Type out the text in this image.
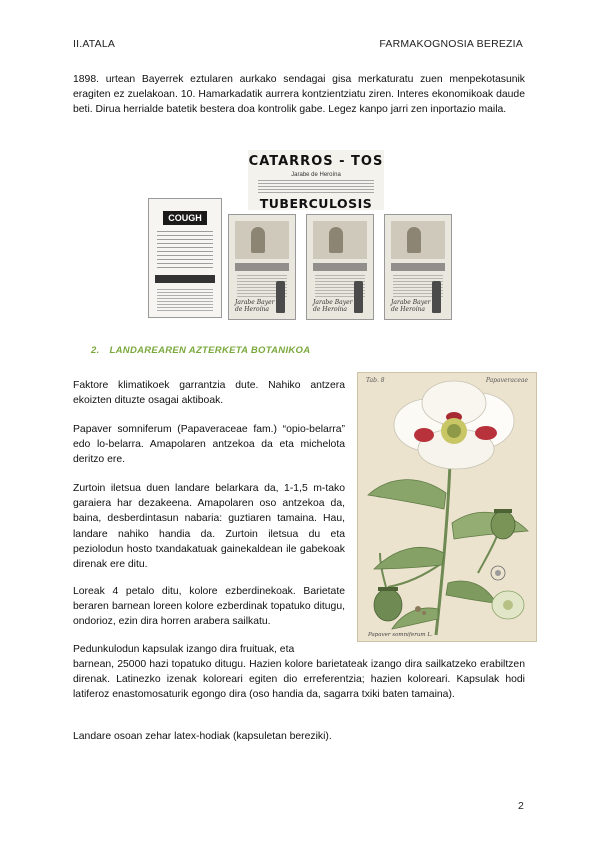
II.ATALA	FARMAKOGNOSIA BEREZIA

1898. urtean Bayerrek eztularen aurkako sendagai gisa merkaturatu zuen menpekotasunik eragiten ez zuelakoan. 10. Hamarkadatik aurrera kontzientziatu ziren. Interes ekonomikoak daude beti. Dirua herrialde batetik bestera doa kontrolik gabe. Legez kanpo jarri zen inportazio maila.

CATARROS - TOS
Jarabe de Heroína
TUBERCULOSIS
COUGH
Jarabe Bayer
de Heroína
Jarabe Bayer
de Heroína
Jarabe Bayer
de Heroína
2. LANDAREAREN AZTERKETA BOTANIKOA

Faktore klimatikoek garrantzia dute. Nahiko antzera ekoizten dituzte osagai aktiboak.

Papaver somniferum (Papaveraceae fam.) “opio-belarra” edo lo-belarra. Amapolaren antzekoa da eta michelota deritzo ere.

Zurtoin iletsua duen landare belarkara da, 1-1,5 m-tako garaiera har dezakeena. Amapolaren oso antzekoa da, baina, desberdintasun nabaria: guztiaren tamaina. Hau, landare nahiko handia da. Zurtoin iletsua du eta peziolodun hosto txandakatuak gainekaldean ile gabekoak direnak ere ditu.

Loreak 4 petalo ditu, kolore ezberdinekoak. Barietate beraren barnean loreen kolore ezberdinak topatuko ditugu, ondorioz, ezin dira horren arabera sailkatu.

Pedunkulodun kapsulak izango dira fruituak, eta

barnean, 25000 hazi topatuko ditugu. Hazien kolore barietateak izango dira sailkatzeko erabiltzen direnak. Latinezko izenak koloreari egiten dio erreferentzia; hazien koloreari. Kapsulak hodi latiferoz enastomosaturik egongo dira (oso handia da, sagarra txiki baten tamaina).

Landare osoan zehar latex-hodiak (kapsuletan bereziki).

Tab. 8	Papaveraceae
Papaver somniferum L.
2
